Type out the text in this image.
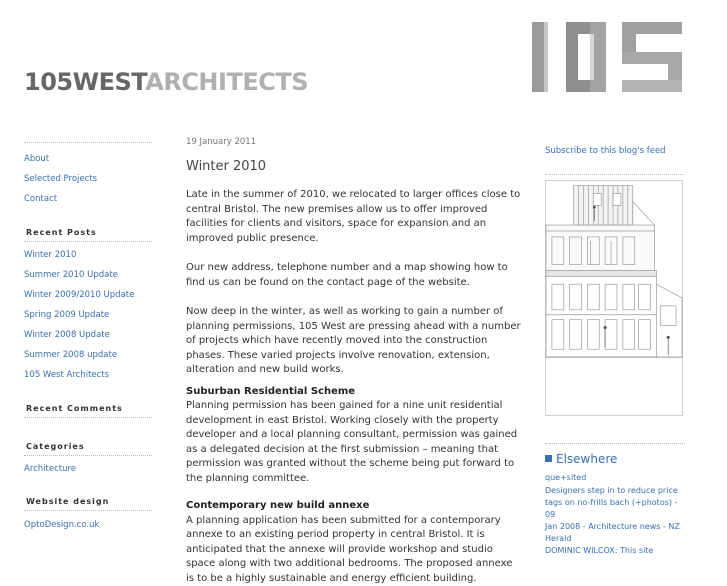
105WESTARCHITECTS
About
Selected Projects
Contact
Recent Posts
Winter 2010
Summer 2010 Update
Winter 2009/2010 Update
Spring 2009 Update
Winter 2008 Update
Summer 2008 update
105 West Architects
Recent Comments
Categories
Architecture
Website design
OptoDesign.co.uk
19 January 2011
Winter 2010

Late in the summer of 2010, we relocated to larger offices close to central Bristol. The new premises allow us to offer improved facilities for clients and visitors, space for expansion and an improved public presence.

Our new address, telephone number and a map showing how to find us can be found on the contact page of the website.

Now deep in the winter, as well as working to gain a number of planning permissions, 105 West are pressing ahead with a number of projects which have recently moved into the construction phases. These varied projects involve renovation, extension, alteration and new build works.

Suburban Residential Scheme
Planning permission has been gained for a nine unit residential development in east Bristol. Working closely with the property developer and a local planning consultant, permission was gained as a delegated decision at the first submission – meaning that permission was granted without the scheme being put forward to the planning committee.

Contemporary new build annexe
A planning application has been submitted for a contemporary annexe to an existing period property in central Bristol. It is anticipated that the annexe will provide workshop and studio space along with two additional bedrooms. The proposed annexe is to be a highly sustainable and energy efficient building.

Subscribe to this blog's feed
Elsewhere
que+sited
Designers step in to reduce price
tags on no-frills bach (+photos) - 09
Jan 2008 - Architecture news - NZ
Herald
DOMINIC WILCOX: This site
